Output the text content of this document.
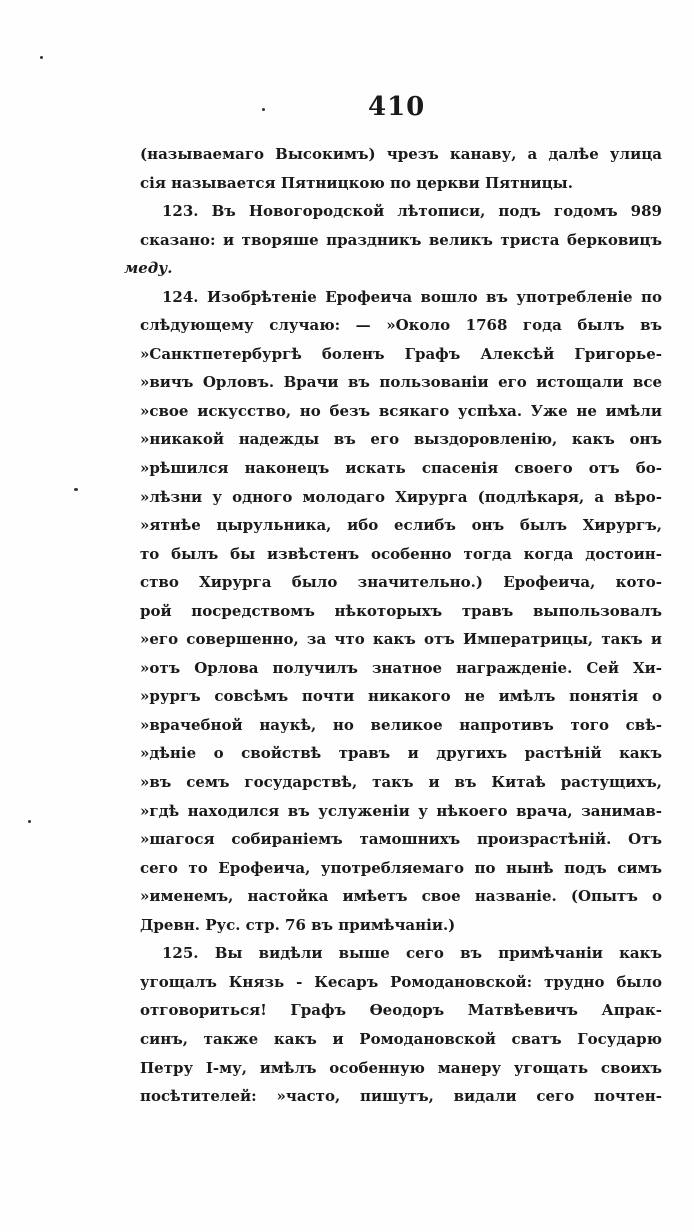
410
(называемаго Высокимъ) чрезъ канаву, а далѣе улица
сія называется Пятницкою по церкви Пятницы.
123. Въ Новогородской лѣтописи, подъ годомъ 989
сказано: и творяше праздникъ великъ триста берковицъ
меду.
124. Изобрѣтеніе Ерофеича вошло въ употребленіе по
слѣдующему случаю: — »Около 1768 года былъ въ
»Санктпетербургѣ боленъ Графъ Алексѣй Григорье-
»вичъ Орловъ. Врачи въ пользованіи его истощали все
»свое искусство, но безъ всякаго успѣха. Уже не имѣли
»никакой надежды въ его выздоровленію, какъ онъ
»рѣшился наконецъ искать спасенія своего отъ бо-
»лѣзни у одного молодаго Хирурга (подлѣкаря, а вѣро-
»ятнѣе цырульника, ибо еслибъ онъ былъ Хирургъ,
то былъ бы извѣстенъ особенно тогда когда достоин-
ство Хирурга было значительно.) Ерофеича, кото-
рой посредствомъ нѣкоторыхъ травъ выпользовалъ
»его совершенно, за что какъ отъ Императрицы, такъ и
»отъ Орлова получилъ знатное награжденіе. Сей Хи-
»рургъ совсѣмъ почти никакого не имѣлъ понятія о
»врачебной наукѣ, но великое напротивъ того свѣ-
»дѣніе о свойствѣ травъ и другихъ растѣній какъ
»въ семъ государствѣ, такъ и въ Китаѣ растущихъ,
»гдѣ находился въ услуженіи у нѣкоего врача, занимав-
»шагося собираніемъ тамошнихъ произрастѣній. Отъ
сего то Ерофеича, употребляемаго по нынѣ подъ симъ
»именемъ, настойка имѣетъ свое названіе. (Опытъ о
Древн. Рус. стр. 76 въ примѣчаніи.)
125. Вы видѣли выше сего въ примѣчаніи какъ
угощалъ Князь - Кесаръ Ромодановской: трудно было
отговориться! Графъ Ѳеодоръ Матвѣевичъ Апрак-
синъ, также какъ и Ромодановской сватъ Государю
Петру І-му, имѣлъ особенную манеру угощать своихъ
посѣтителей: »часто, пишутъ, видали сего почтен-
